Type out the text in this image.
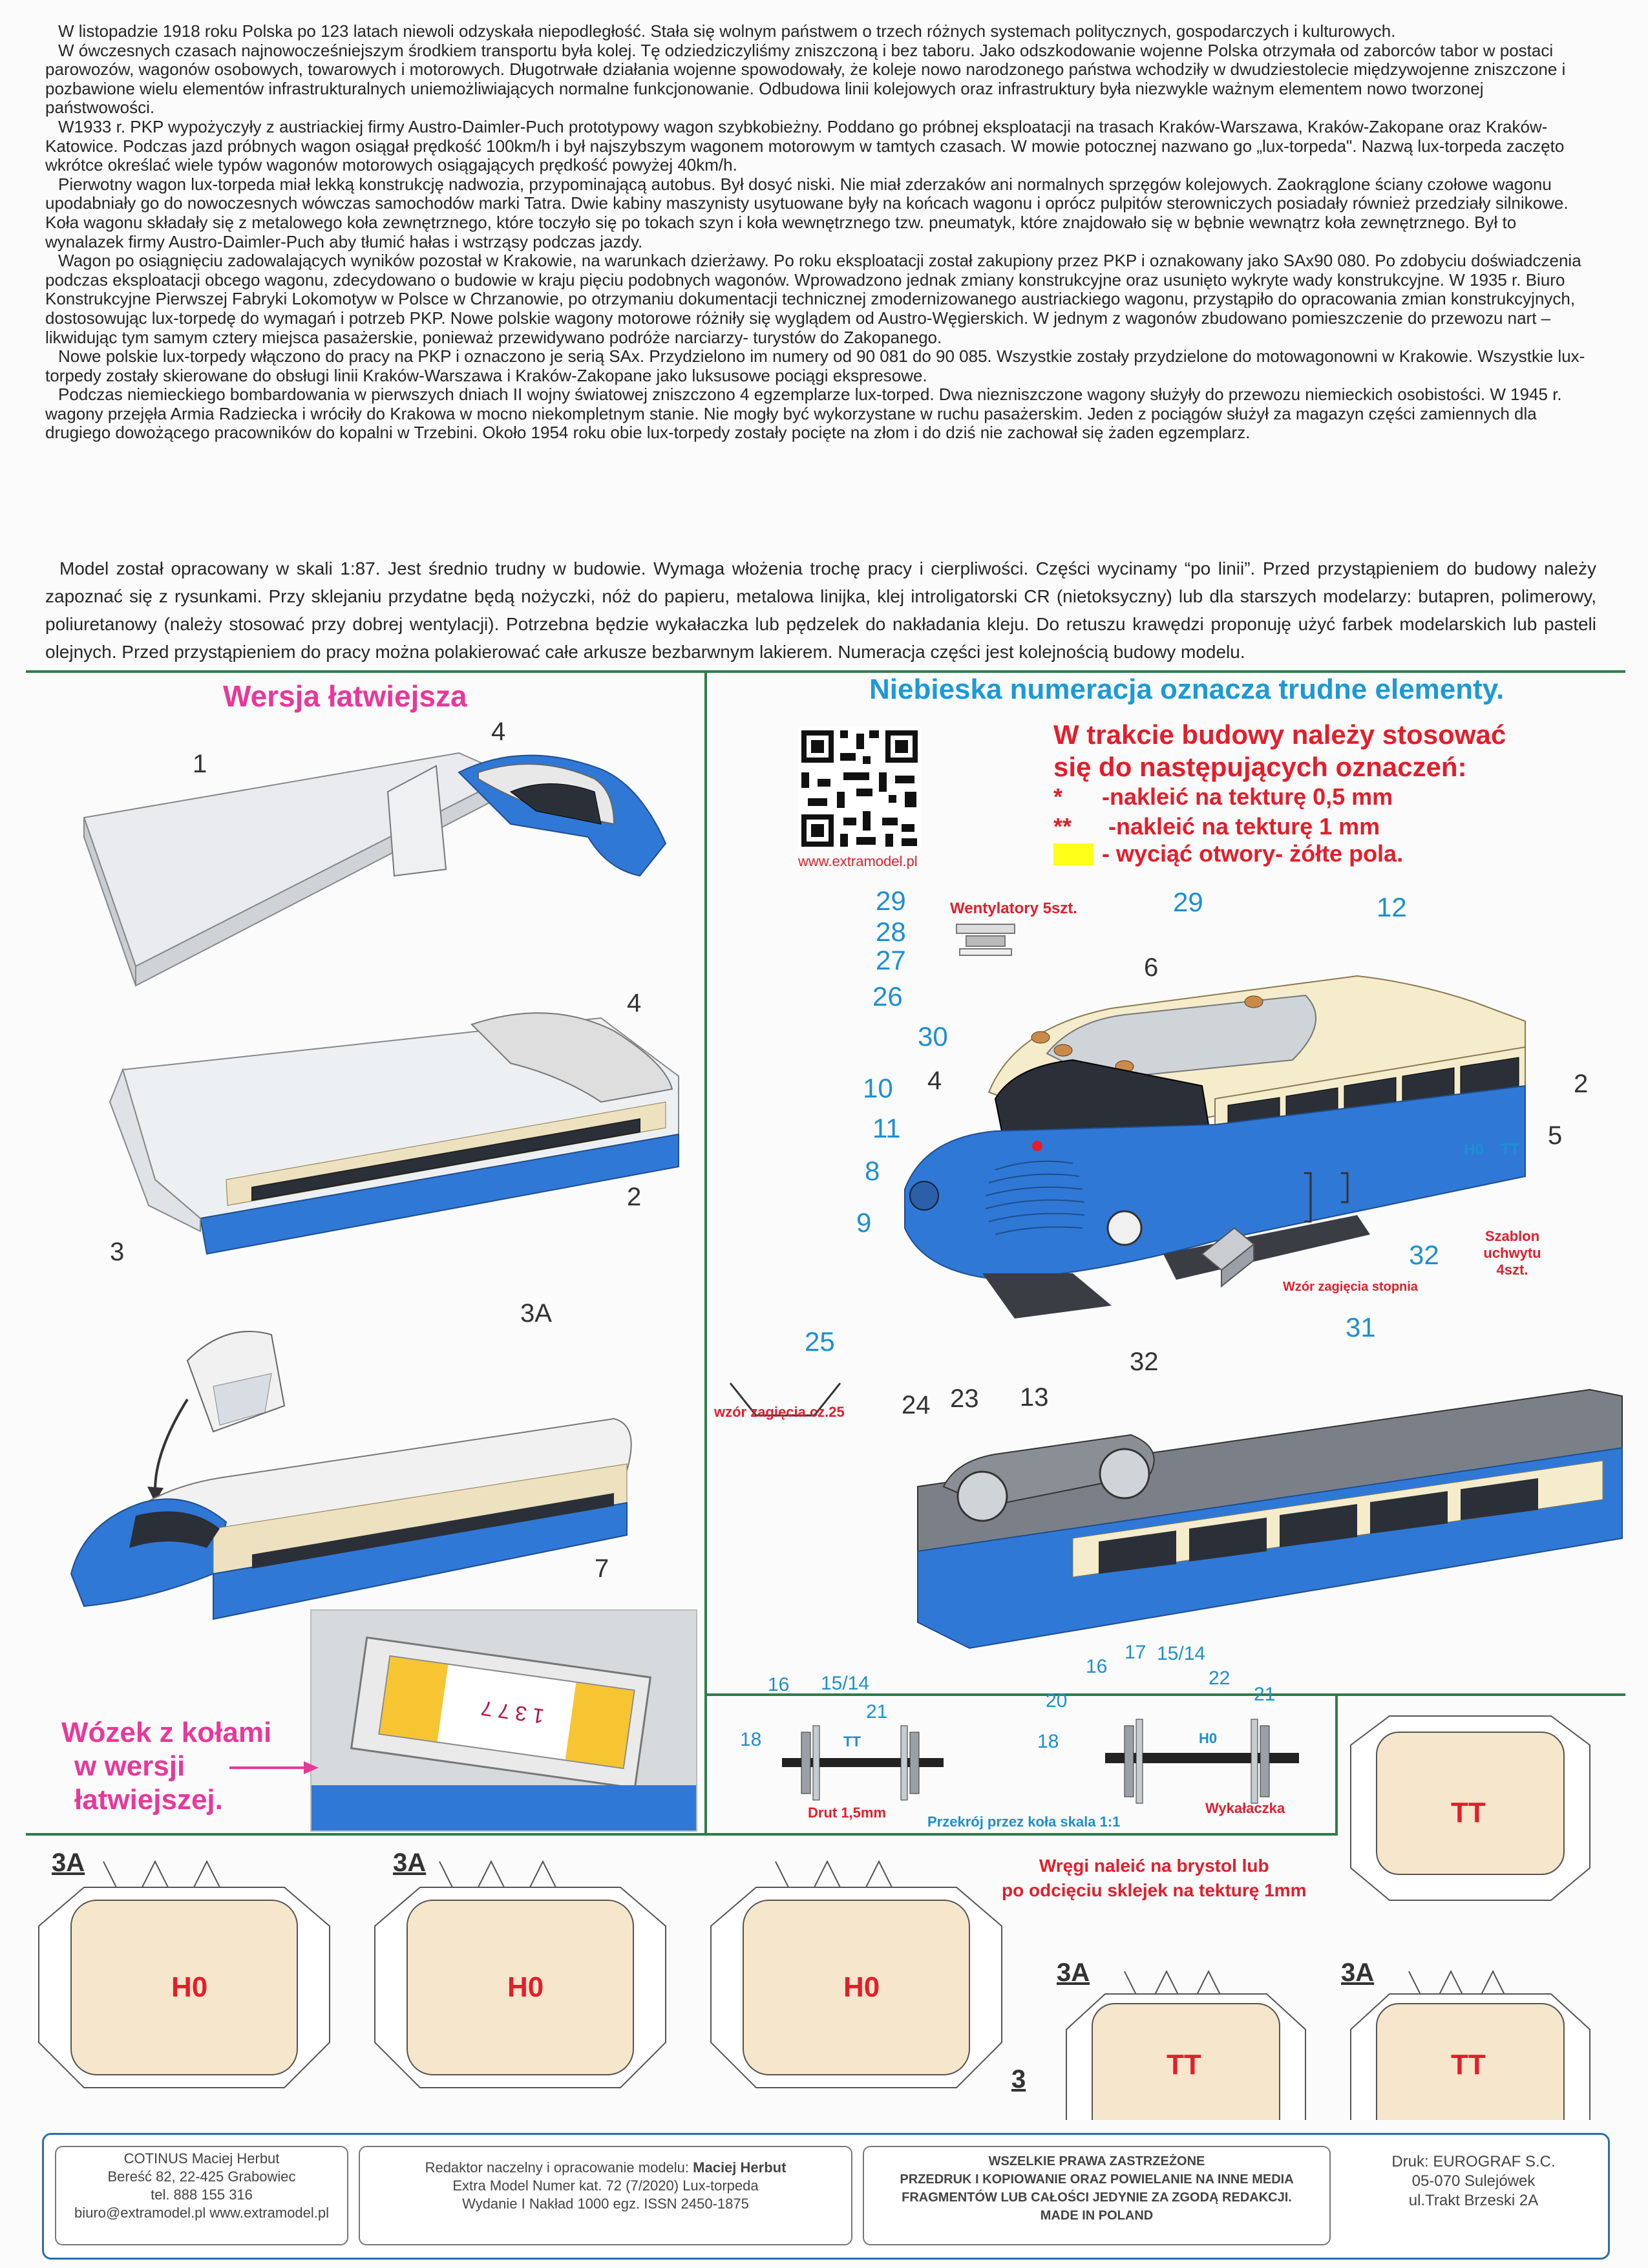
W listopadzie 1918 roku Polska po 123 latach niewoli odzyskała niepodległość. Stała się wolnym państwem o trzech różnych systemach politycznych, gospodarczych i kulturowych.

W ówczesnych czasach najnowocześniejszym środkiem transportu była kolej. Tę odziedziczyliśmy zniszczoną i bez taboru. Jako odszkodowanie wojenne Polska otrzymała od zaborców tabor w postaci parowozów, wagonów osobowych, towarowych i motorowych. Długotrwałe działania wojenne spowodowały, że koleje nowo narodzonego państwa wchodziły w dwudziestolecie międzywojenne zniszczone i pozbawione wielu elementów infrastrukturalnych uniemożliwiających normalne funkcjonowanie. Odbudowa linii kolejowych oraz infrastruktury była niezwykle ważnym elementem nowo tworzonej państwowości.

W1933 r. PKP wypożyczyły z austriackiej firmy Austro-Daimler-Puch prototypowy wagon szybkobieżny. Poddano go próbnej eksploatacji na trasach Kraków-Warszawa, Kraków-Zakopane oraz Kraków-Katowice. Podczas jazd próbnych wagon osiągał prędkość 100km/h i był najszybszym wagonem motorowym w tamtych czasach. W mowie potocznej nazwano go „lux-torpeda". Nazwą lux-torpeda zaczęto wkrótce określać wiele typów wagonów motorowych osiągających prędkość powyżej 40km/h.

Pierwotny wagon lux-torpeda miał lekką konstrukcję nadwozia, przypominającą autobus. Był dosyć niski. Nie miał zderzaków ani normalnych sprzęgów kolejowych. Zaokrąglone ściany czołowe wagonu upodabniały go do nowoczesnych wówczas samochodów marki Tatra. Dwie kabiny maszynisty usytuowane były na końcach wagonu i oprócz pulpitów sterowniczych posiadały również przedziały silnikowe. Koła wagonu składały się z metalowego koła zewnętrznego, które toczyło się po tokach szyn i koła wewnętrznego tzw. pneumatyk, które znajdowało się w bębnie wewnątrz koła zewnętrznego. Był to wynalazek firmy Austro-Daimler-Puch aby tłumić hałas i wstrząsy podczas jazdy.

Wagon po osiągnięciu zadowalających wyników pozostał w Krakowie, na warunkach dzierżawy. Po roku eksploatacji został zakupiony przez PKP i oznakowany jako SAx90 080. Po zdobyciu doświadczenia podczas eksploatacji obcego wagonu, zdecydowano o budowie w kraju pięciu podobnych wagonów. Wprowadzono jednak zmiany konstrukcyjne oraz usunięto wykryte wady konstrukcyjne. W 1935 r. Biuro Konstrukcyjne Pierwszej Fabryki Lokomotyw w Polsce w Chrzanowie, po otrzymaniu dokumentacji technicznej zmodernizowanego austriackiego wagonu, przystąpiło do opracowania zmian konstrukcyjnych, dostosowując lux-torpedę do wymagań i potrzeb PKP. Nowe polskie wagony motorowe różniły się wyglądem od Austro-Węgierskich. W jednym z wagonów zbudowano pomieszczenie do przewozu nart – likwidując tym samym cztery miejsca pasażerskie, ponieważ przewidywano podróże narciarzy- turystów do Zakopanego.

Nowe polskie lux-torpedy włączono do pracy na PKP i oznaczono je serią SAx. Przydzielono im numery od 90 081 do 90 085. Wszystkie zostały przydzielone do motowagonowni w Krakowie. Wszystkie lux-torpedy zostały skierowane do obsługi linii Kraków-Warszawa i Kraków-Zakopane jako luksusowe pociągi ekspresowe.

Podczas niemieckiego bombardowania w pierwszych dniach II wojny światowej zniszczono 4 egzemplarze lux-torped. Dwa niezniszczone wagony służyły do przewozu niemieckich osobistości. W 1945 r. wagony przejęła Armia Radziecka i wróciły do Krakowa w mocno niekompletnym stanie. Nie mogły być wykorzystane w ruchu pasażerskim. Jeden z pociągów służył za magazyn części zamiennych dla drugiego dowożącego pracowników do kopalni w Trzebini. Około 1954 roku obie lux-torpedy zostały pocięte na złom i do dziś nie zachował się żaden egzemplarz.

Model został opracowany w skali 1:87. Jest średnio trudny w budowie. Wymaga włożenia trochę pracy i cierpliwości. Części wycinamy “po linii”. Przed przystąpieniem do budowy należy zapoznać się z rysunkami. Przy sklejaniu przydatne będą nożyczki, nóż do papieru, metalowa linijka, klej introligatorski CR (nietoksyczny) lub dla starszych modelarzy: butapren, polimerowy, poliuretanowy (należy stosować przy dobrej wentylacji). Potrzebna będzie wykałaczka lub pędzelek do nakładania kleju. Do retuszu krawędzi proponuję użyć farbek modelarskich lub pasteli olejnych. Przed przystąpieniem do pracy można polakierować całe arkusze bezbarwnym lakierem. Numeracja części jest kolejnością budowy modelu.

Wersja łatwiejsza
1
4
4
2
3
3A
7
1 3 7 7
Wózek z kołami
w wersji
łatwiejszej.
Niebieska numeracja oznacza trudne elementy.
www.extramodel.pl
W trakcie budowy należy stosować
się do następujących oznaczeń:
* -nakleić na tekturę 0,5 mm
** -nakleić na tekturę 1 mm
- wyciąć otwory- żółte pola.
Wentylatory 5szt.
29
28
27
26
30
10 4
11
8
9
6
29	12
2
5
25
24 23 13
32
32
31
H0 TT
Szablon uchwytu 4szt.
Wzór zagięcia stopnia
wzór zagięcia cz.25
16 15/14
18
21
TT
Drut 1,5mm
17 15/14
16
22
20	21
18	H0
Wykałaczka
Przekrój przez koła skala 1:1
Wręgi nalеić na brystol lub
po odcięciu sklejek na tekturę 1mm
3A	3A
3A	3A
3
H0	H0	H0
TT	TT
TT
COTINUS Maciej Herbut
Bereść 82, 22-425 Grabowiec
tel. 888 155 316
biuro@extramodel.pl www.extramodel.pl
Redaktor naczelny i opracowanie modelu: Maciej Herbut
Extra Model Numer kat. 72 (7/2020) Lux-torpeda
Wydanie I Nakład 1000 egz. ISSN 2450-1875
WSZELKIE PRAWA ZASTRZEŻONE
PRZEDRUK I KOPIOWANIE ORAZ POWIELANIE NA INNE MEDIA
FRAGMENTÓW LUB CAŁOŚCI JEDYNIE ZA ZGODĄ REDAKCJI.
MADE IN POLAND
Druk: EUROGRAF S.C.
05-070 Sulejówek
ul.Trakt Brzeski 2A
